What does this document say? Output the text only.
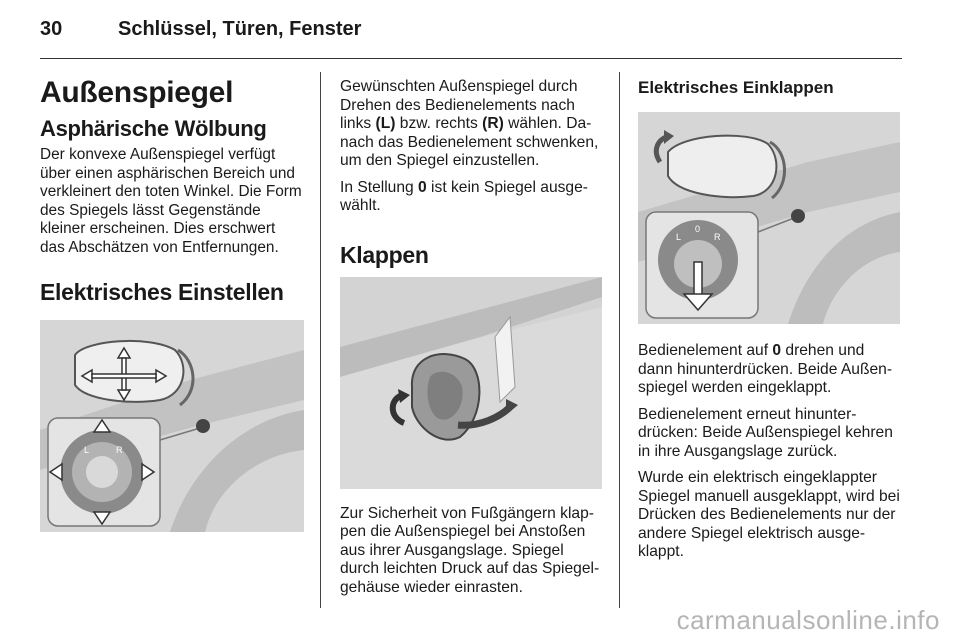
30	Schlüssel, Türen, Fenster
Außenspiegel
Asphärische Wölbung

Der konvexe Außenspiegel verfügt über einen asphärischen Bereich und verkleinert den toten Winkel. Die Form des Spiegels lässt Gegenstände kleiner erscheinen. Dies erschwert das Abschätzen von Entfernungen.

Elektrisches Einstellen
L	R

Gewünschten Außenspiegel durch Drehen des Bedienelements nach links (L) bzw. rechts (R) wählen. Danach das Bedienelement schwenken, um den Spiegel einzustellen.

In Stellung 0 ist kein Spiegel ausgewählt.

Klappen

Zur Sicherheit von Fußgängern klappen die Außenspiegel bei Anstoßen aus ihrer Ausgangslage. Spiegel durch leichten Druck auf das Spiegelgehäuse wieder einrasten.

Elektrisches Einklappen
L
0
R

Bedienelement auf 0 drehen und dann hinunterdrücken. Beide Außenspiegel werden eingeklappt.

Bedienelement erneut hinunterdrücken: Beide Außenspiegel kehren in ihre Ausgangslage zurück.

Wurde ein elektrisch eingeklappter Spiegel manuell ausgeklappt, wird bei Drücken des Bedienelements nur der andere Spiegel elektrisch ausgeklappt.

carmanualsonline.info
